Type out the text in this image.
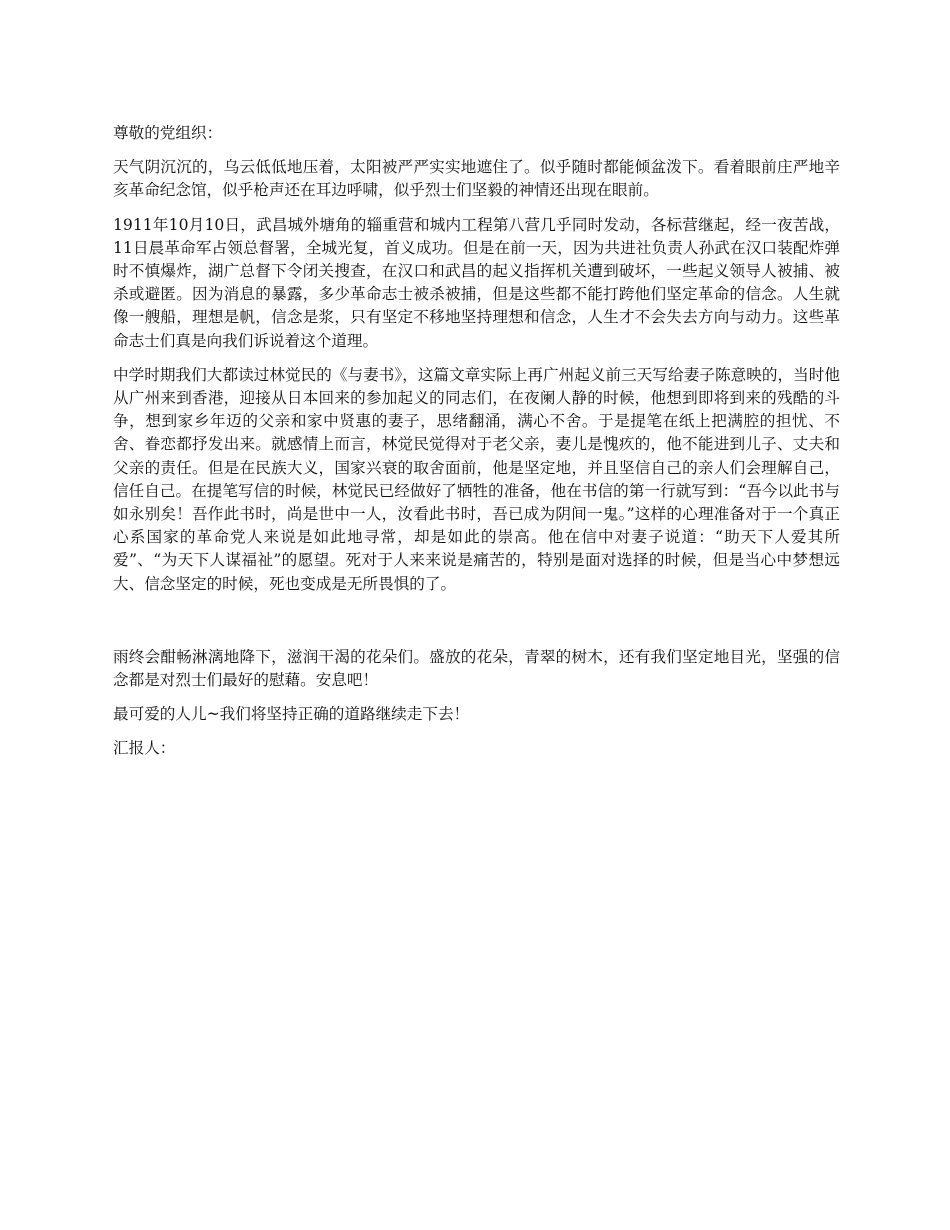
尊敬的党组织：

天气阴沉沉的，乌云低低地压着，太阳被严严实实地遮住了。似乎随时都能倾盆泼下。看着眼前庄严地辛亥革命纪念馆，似乎枪声还在耳边呼啸，似乎烈士们坚毅的神情还出现在眼前。

1911年10月10日，武昌城外塘角的辎重营和城内工程第八营几乎同时发动，各标营继起，经一夜苦战，11日晨革命军占领总督署，全城光复，首义成功。但是在前一天，因为共进社负责人孙武在汉口装配炸弹时不慎爆炸，湖广总督下令闭关搜查，在汉口和武昌的起义指挥机关遭到破坏，一些起义领导人被捕、被杀或避匿。因为消息的暴露，多少革命志士被杀被捕，但是这些都不能打跨他们坚定革命的信念。人生就像一艘船，理想是帆，信念是浆，只有坚定不移地坚持理想和信念，人生才不会失去方向与动力。这些革命志士们真是向我们诉说着这个道理。

中学时期我们大都读过林觉民的《与妻书》，这篇文章实际上再广州起义前三天写给妻子陈意映的，当时他从广州来到香港，迎接从日本回来的参加起义的同志们，在夜阑人静的时候，他想到即将到来的残酷的斗争，想到家乡年迈的父亲和家中贤惠的妻子，思绪翻涌，满心不舍。于是提笔在纸上把满腔的担忧、不舍、眷恋都抒发出来。就感情上而言，林觉民觉得对于老父亲，妻儿是愧疚的，他不能进到儿子、丈夫和父亲的责任。但是在民族大义，国家兴衰的取舍面前，他是坚定地，并且坚信自己的亲人们会理解自己，信任自己。在提笔写信的时候，林觉民已经做好了牺牲的准备，他在书信的第一行就写到：“吾今以此书与如永别矣！吾作此书时，尚是世中一人，汝看此书时，吾已成为阴间一鬼。”这样的心理准备对于一个真正心系国家的革命党人来说是如此地寻常，却是如此的崇高。他在信中对妻子说道：“助天下人爱其所爱”、“为天下人谋福祉”的愿望。死对于人来来说是痛苦的，特别是面对选择的时候，但是当心中梦想远大、信念坚定的时候，死也变成是无所畏惧的了。

雨终会酣畅淋漓地降下，滋润干渴的花朵们。盛放的花朵，青翠的树木，还有我们坚定地目光，坚强的信念都是对烈士们最好的慰藉。安息吧！

最可爱的人儿~我们将坚持正确的道路继续走下去！

汇报人：
